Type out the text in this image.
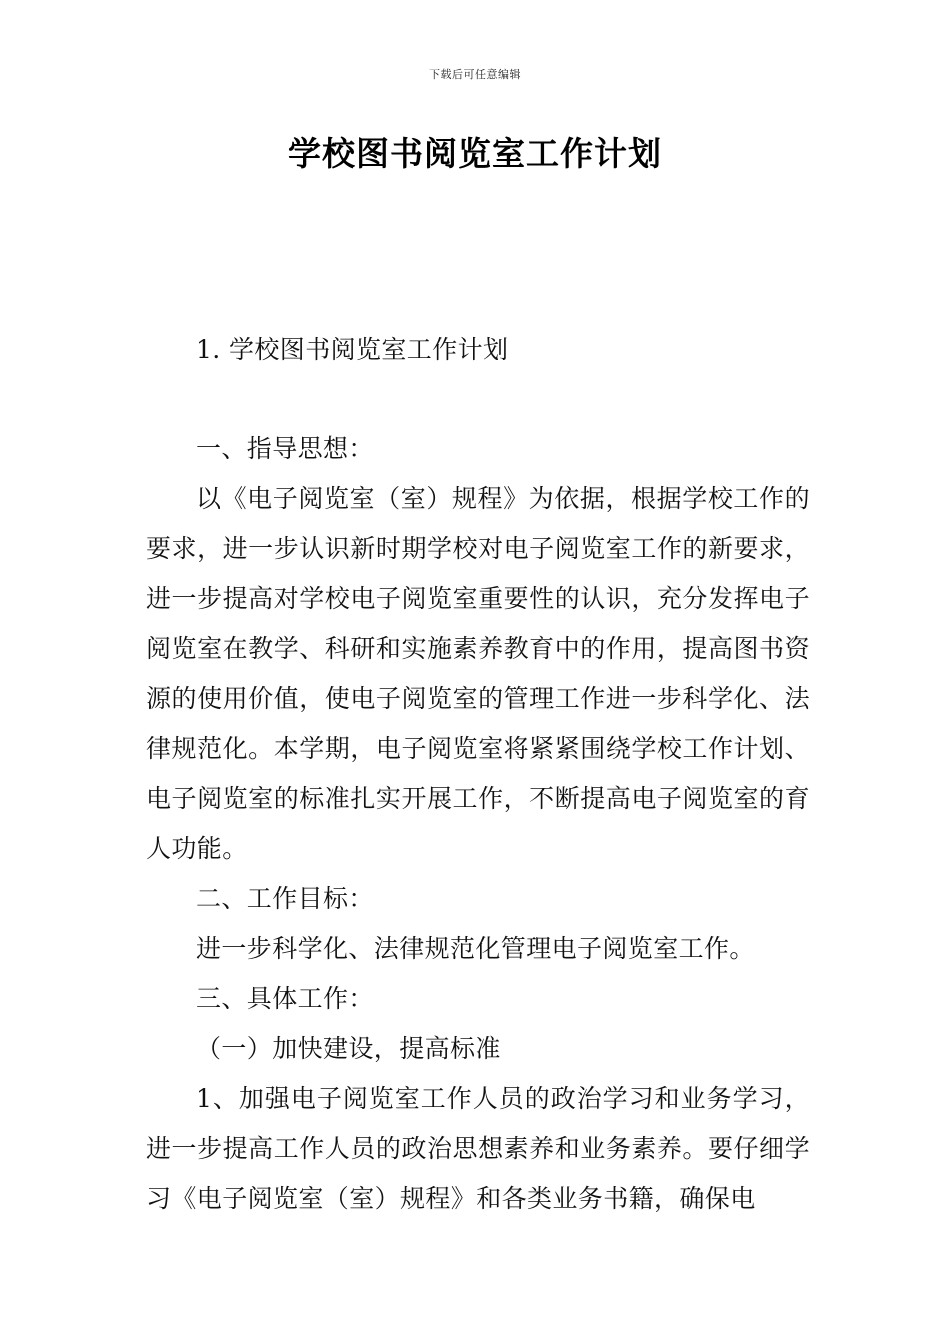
下载后可任意编辑
学校图书阅览室工作计划

1. 学校图书阅览室工作计划

一、指导思想：

以《电子阅览室（室）规程》为依据，根据学校工作的要求，进一步认识新时期学校对电子阅览室工作的新要求，进一步提高对学校电子阅览室重要性的认识，充分发挥电子阅览室在教学、科研和实施素养教育中的作用，提高图书资源的使用价值，使电子阅览室的管理工作进一步科学化、法律规范化。本学期，电子阅览室将紧紧围绕学校工作计划、电子阅览室的标准扎实开展工作，不断提高电子阅览室的育人功能。

二、工作目标：

进一步科学化、法律规范化管理电子阅览室工作。

三、具体工作：

（一）加快建设，提高标准

1、加强电子阅览室工作人员的政治学习和业务学习，进一步提高工作人员的政治思想素养和业务素养。要仔细学习《电子阅览室（室）规程》和各类业务书籍，确保电
